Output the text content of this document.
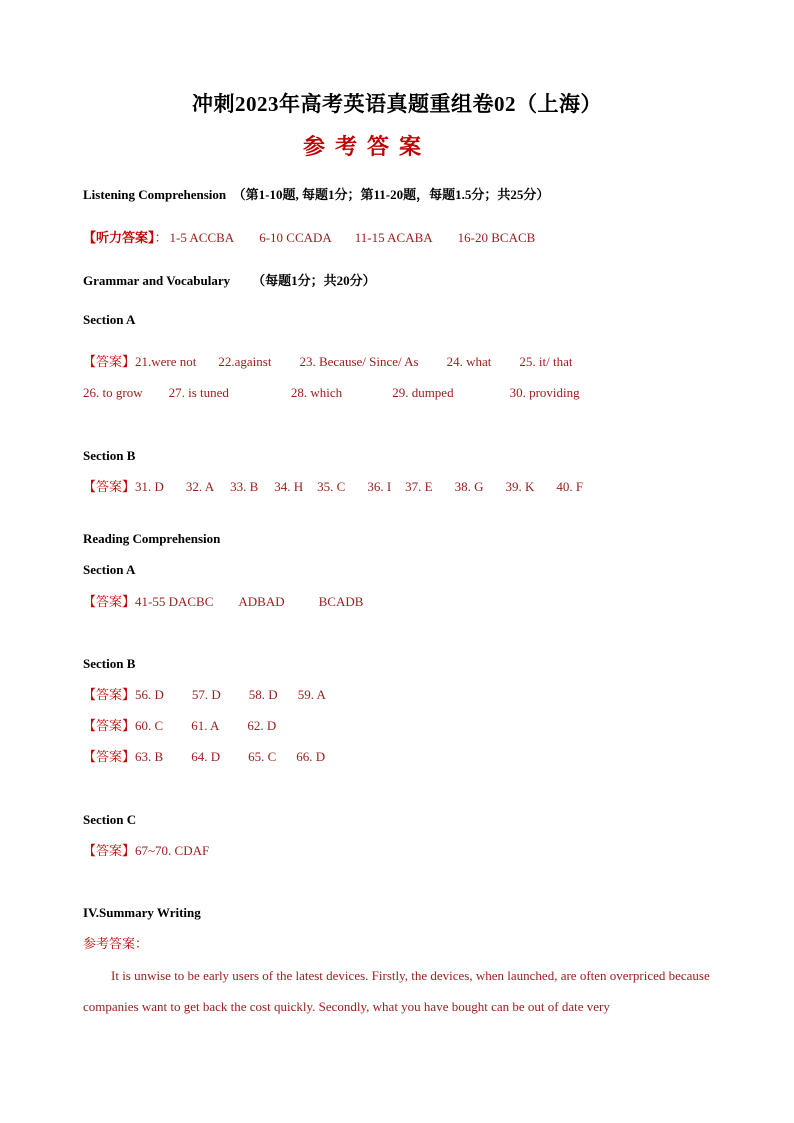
冲刺2023年高考英语真题重组卷02（上海）
参考答案
Listening Comprehension　（第1-10题, 每题1分；第11-20题，每题1.5分；共25分）
【听力答案】： 1-5 ACCBA 6-10 CCADA 11-15 ACABA 16-20 BCACB
Grammar and Vocabulary （每题1分；共20分）
Section A
【答案】21.were not 22.against 23. Because/ Since/ As 24. what 25. it/ that
26. to grow 27. is tuned	28. which	29. dumped	30. providing
Section B
【答案】31. D 32. A 33. B 34. H 35. C 36. I 37. E 38. G 39. K 40. F
Reading Comprehension
Section A
【答案】41-55 DACBC ADBAD	BCADB
Section B
【答案】56. D 57. D 58. D 59. A
【答案】60. C 61. A 62. D
【答案】63. B 64. D 65. C 66. D
Section C
【答案】67~70. CDAF
IV.Summary Writing
参考答案：
It is unwise to be early users of the latest devices. Firstly, the devices, when launched, are often overpriced because companies want to get back the cost quickly. Secondly, what you have bought can be out of date very
